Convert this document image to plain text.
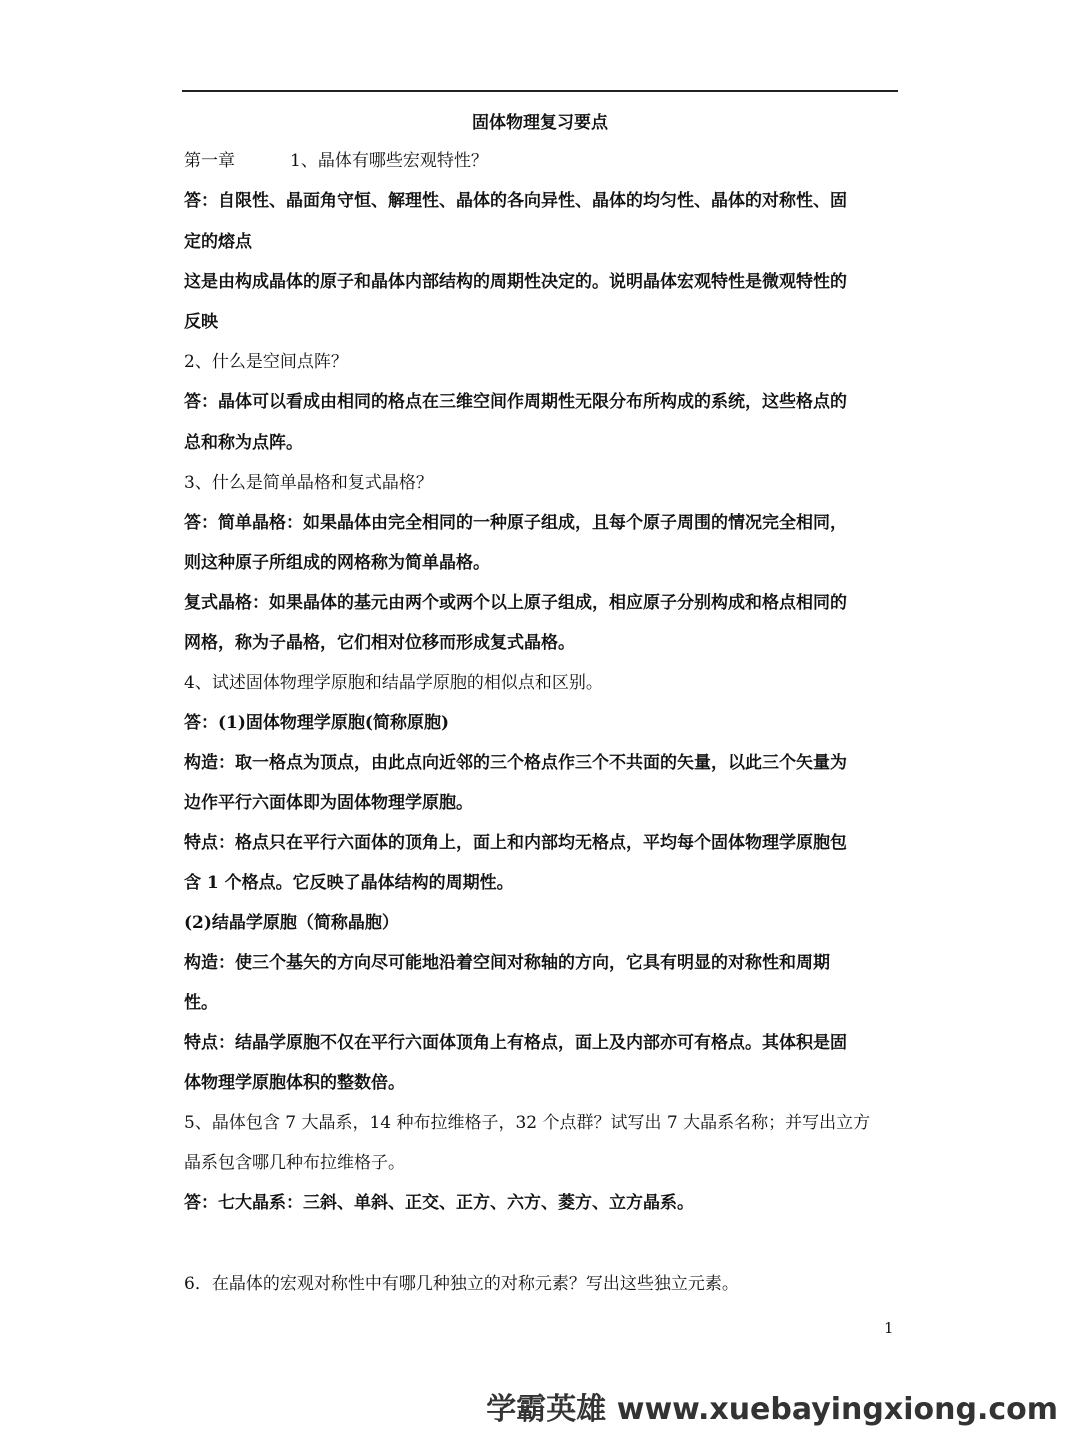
固体物理复习要点
第一章	1、晶体有哪些宏观特性？
答：自限性、晶面角守恒、解理性、晶体的各向异性、晶体的均匀性、晶体的对称性、固
定的熔点
这是由构成晶体的原子和晶体内部结构的周期性决定的。说明晶体宏观特性是微观特性的
反映
2、什么是空间点阵？
答：晶体可以看成由相同的格点在三维空间作周期性无限分布所构成的系统，这些格点的
总和称为点阵。
3、什么是简单晶格和复式晶格？
答：简单晶格：如果晶体由完全相同的一种原子组成，且每个原子周围的情况完全相同，
则这种原子所组成的网格称为简单晶格。
复式晶格：如果晶体的基元由两个或两个以上原子组成，相应原子分别构成和格点相同的
网格，称为子晶格，它们相对位移而形成复式晶格。
4、试述固体物理学原胞和结晶学原胞的相似点和区别。
答：(1)固体物理学原胞(简称原胞)
构造：取一格点为顶点，由此点向近邻的三个格点作三个不共面的矢量，以此三个矢量为
边作平行六面体即为固体物理学原胞。
特点：格点只在平行六面体的顶角上，面上和内部均无格点，平均每个固体物理学原胞包
含 1 个格点。它反映了晶体结构的周期性。
(2)结晶学原胞（简称晶胞）
构造：使三个基矢的方向尽可能地沿着空间对称轴的方向，它具有明显的对称性和周期
性。
特点：结晶学原胞不仅在平行六面体顶角上有格点，面上及内部亦可有格点。其体积是固
体物理学原胞体积的整数倍。
5、晶体包含 7 大晶系，14 种布拉维格子，32 个点群？试写出 7 大晶系名称；并写出立方
晶系包含哪几种布拉维格子。
答：七大晶系：三斜、单斜、正交、正方、六方、菱方、立方晶系。
6．在晶体的宏观对称性中有哪几种独立的对称元素？写出这些独立元素。
1
学霸英雄 www.xuebayingxiong.com
